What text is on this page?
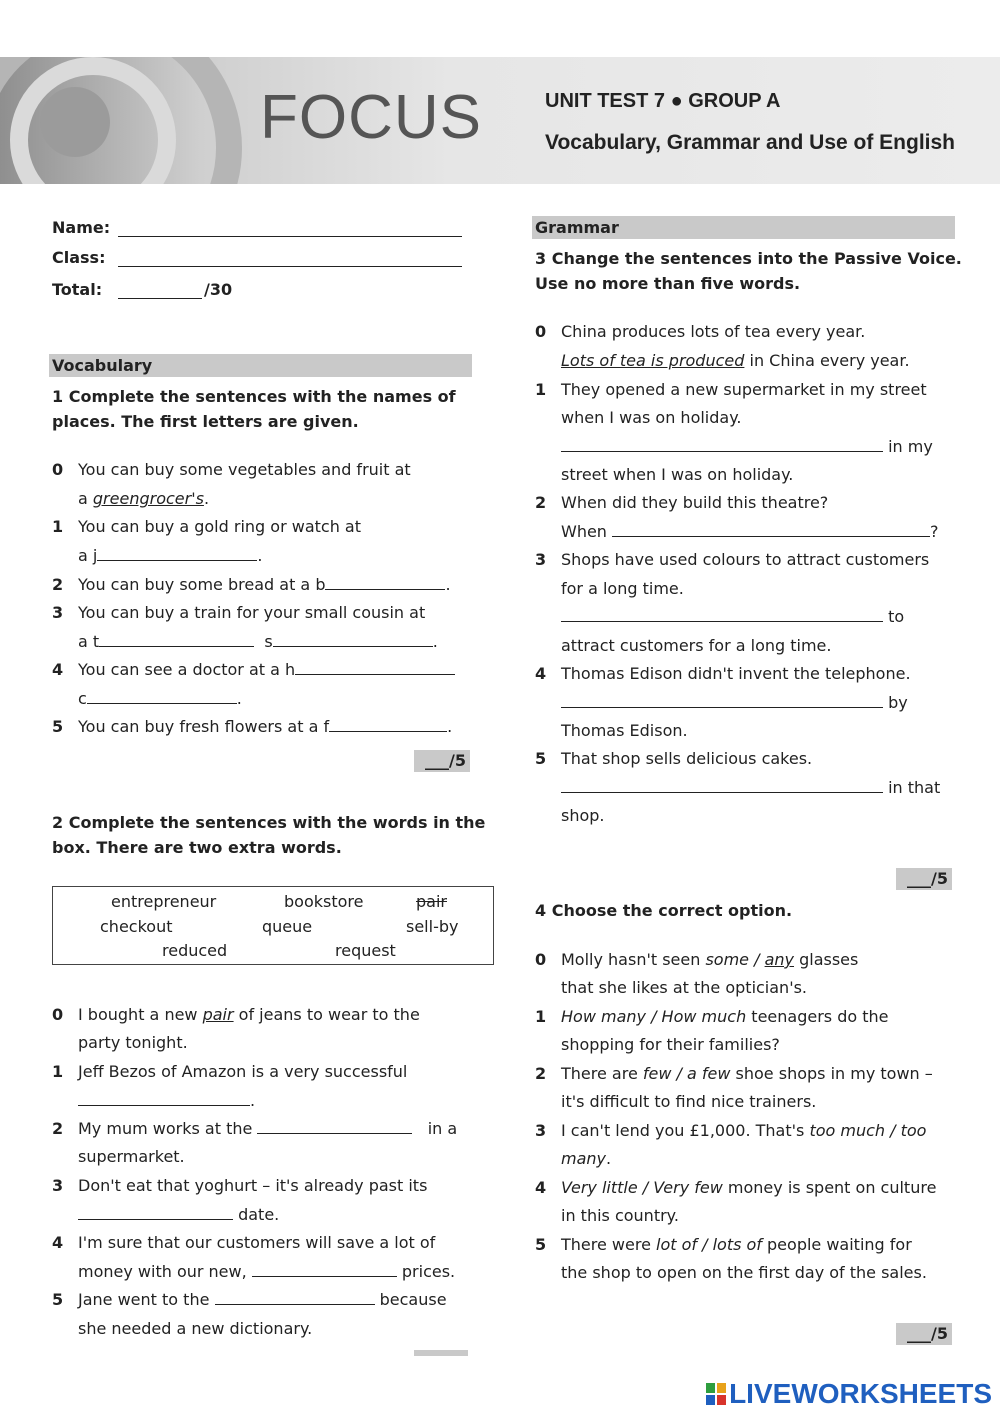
FOCUS	UNIT TEST 7 ● GROUP A
Vocabulary, Grammar and Use of English
Name:
Class:
Total:	/30
Vocabulary
1 Complete the sentences with the names of
places. The first letters are given.
0 You can buy some vegetables and fruit at
a greengrocer's.
1 You can buy a gold ring or watch at
a j	.
2 You can buy some bread at a b	.
3 You can buy a train for your small cousin at
a t	s	.
4 You can see a doctor at a h
c	.
5 You can buy fresh flowers at a f	.
___/5
2 Complete the sentences with the words in the
box. There are two extra words.
entrepreneur	bookstore	pair
checkout	queue	sell-by
reduced	request
0 I bought a new pair of jeans to wear to the
party tonight.
1 Jeff Bezos of Amazon is a very successful
.
2 My mum works at the	in a
supermarket.
3 Don't eat that yoghurt – it's already past its
date.
4 I'm sure that our customers will save a lot of
money with our new,	prices.
5 Jane went to the	because
she needed a new dictionary.
Grammar
3 Change the sentences into the Passive Voice.
Use no more than five words.
0 China produces lots of tea every year.
Lots of tea is produced in China every year.
1 They opened a new supermarket in my street
when I was on holiday.
in my
street when I was on holiday.
2 When did they build this theatre?
When	?
3 Shops have used colours to attract customers
for a long time.
to
attract customers for a long time.
4 Thomas Edison didn't invent the telephone.
by
Thomas Edison.
5 That shop sells delicious cakes.
in that
shop.
___/5
4 Choose the correct option.
0 Molly hasn't seen some / any glasses
that she likes at the optician's.
1 How many / How much teenagers do the
shopping for their families?
2 There are few / a few shoe shops in my town –
it's difficult to find nice trainers.
3 I can't lend you £1,000. That's too much / too
many.
4 Very little / Very few money is spent on culture
in this country.
5 There were lot of / lots of people waiting for
the shop to open on the first day of the sales.
___/5
LIVEWORKSHEETS
